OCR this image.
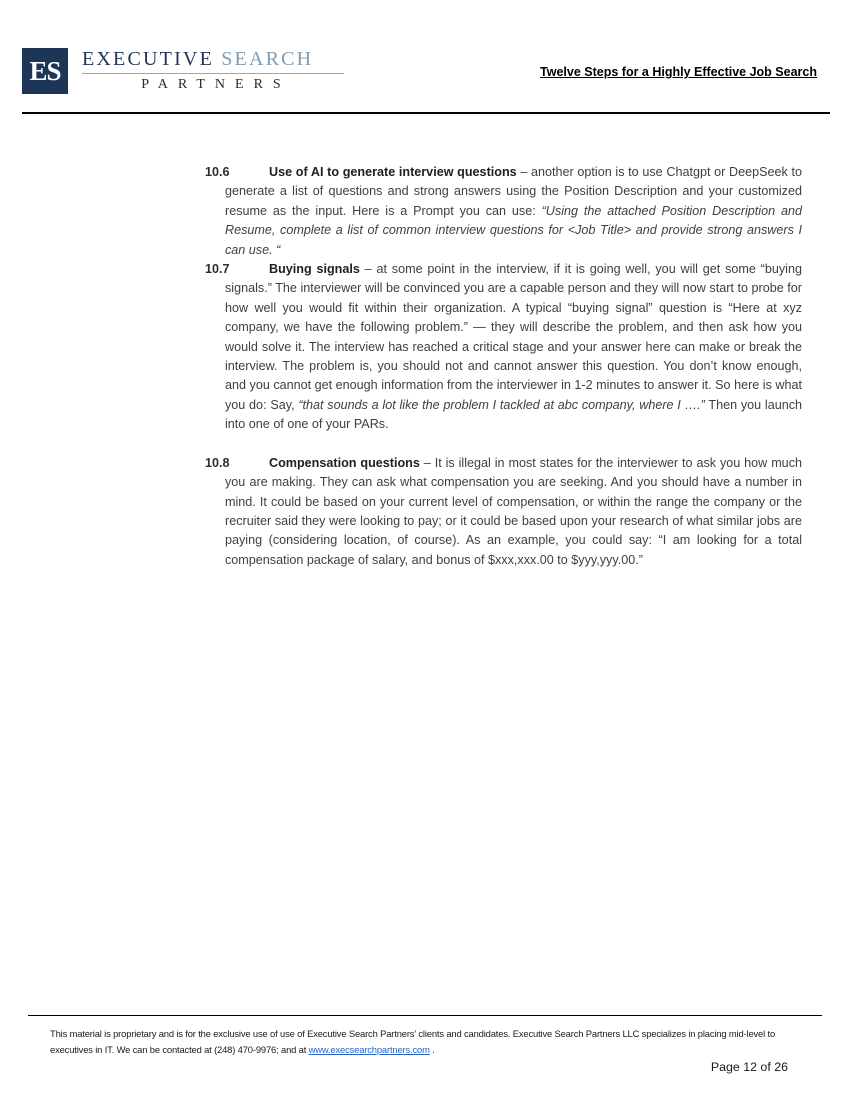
ES	EXECUTIVE SEARCH
PARTNERS
Twelve Steps for a Highly Effective Job Search

10.6	Use of AI to generate interview questions – another option is to use Chatgpt or DeepSeek to generate a list of questions and strong answers using the Position Description and your customized resume as the input. Here is a Prompt you can use: “Using the attached Position Description and Resume, complete a list of common interview questions for <Job Title> and provide strong answers I can use. “

10.7	Buying signals – at some point in the interview, if it is going well, you will get some “buying signals.” The interviewer will be convinced you are a capable person and they will now start to probe for how well you would fit within their organization. A typical “buying signal” question is “Here at xyz company, we have the following problem.” — they will describe the problem, and then ask how you would solve it. The interview has reached a critical stage and your answer here can make or break the interview. The problem is, you should not and cannot answer this question. You don’t know enough, and you cannot get enough information from the interviewer in 1-2 minutes to answer it. So here is what you do: Say, “that sounds a lot like the problem I tackled at abc company, where I ….” Then you launch into one of one of your PARs.

10.8	Compensation questions – It is illegal in most states for the interviewer to ask you how much you are making. They can ask what compensation you are seeking. And you should have a number in mind. It could be based on your current level of compensation, or within the range the company or the recruiter said they were looking to pay; or it could be based upon your research of what similar jobs are paying (considering location, of course). As an example, you could say: “I am looking for a total compensation package of salary, and bonus of $xxx,xxx.00 to $yyy,yyy.00.”

This material is proprietary and is for the exclusive use of use of Executive Search Partners’ clients and candidates. Executive Search Partners LLC specializes in placing mid-level to executives in IT. We can be contacted at (248) 470-9976; and at www.execsearchpartners.com .
Page 12 of 26
